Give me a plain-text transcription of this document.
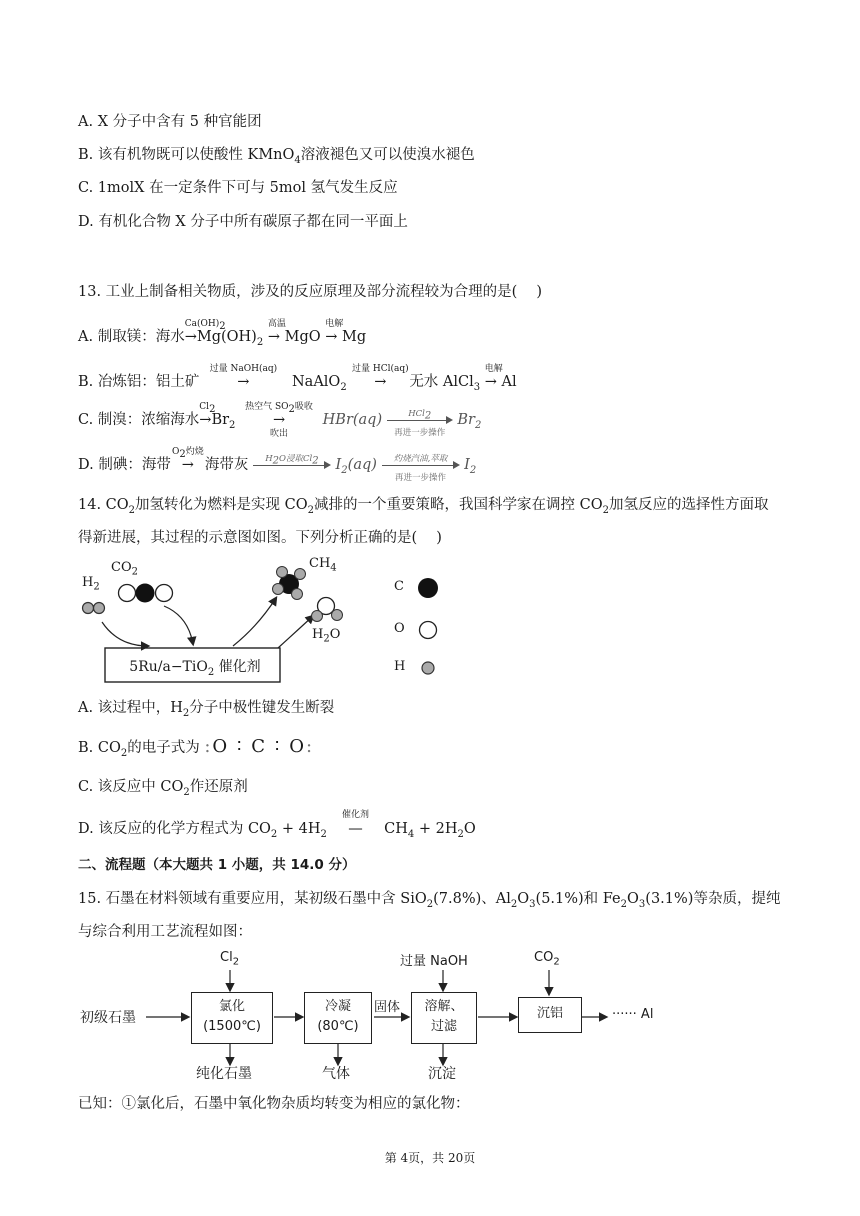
A. X 分子中含有 5 种官能团
B. 该有机物既可以使酸性 KMnO$_4$溶液褪色又可以使溴水褪色
C. 1molX 在一定条件下可与 5mol 氢气发生反应
D. 有机化合物 X 分子中所有碳原子都在同一平面上
13. 工业上制备相关物质，涉及的反应原理及部分流程较为合理的是(　 )
A. 制取镁：海水
$Ca(OH)_2$
$\to Mg(OH)_2$
高温
→ MgO
电解
→ Mg
B. 冶炼铝：铝土矿
过量 NaOH(aq)
→	NaAlO$_2$
过量 HCl(aq)
→ 无水 AlCl$_3$
电解
→ Al
C. 制溴：浓缩海水
$Cl_2$
$\to Br_2$
热空气 $SO_2$吸收
→
吹出
HBr(aq)	HCl$_2$
再进一步操作
$Br_2$
D. 制碘：海带
$O_2$灼烧
→ 海带灰	$H_2O$浸取$Cl_2$	$I_2(aq)$	灼烧汽油,萃取
再进一步操作
$I_2$
14. $CO_2$加氢转化为燃料是实现 $CO_2$减排的一个重要策略，我国科学家在调控 $CO_2$加氢反应的选择性方面取
得新进展，其过程的示意图如图。下列分析正确的是(　 )
$H_2$
$CO_2$
$CH_4$
$H_2O$
5Ru/a−TiO$_2$ 催化剂
C
O
H
A. 该过程中，$H_2$分子中极性键发生断裂
B. $CO_2$的电子式为 :O ∶ C ∶ O:
C. 该反应中 $CO_2$作还原剂
D. 该反应的化学方程式为 $CO_2 + 4H_2$
催化剂
— $CH_4 + 2H_2O$
二、流程题（本大题共 1 小题，共 14.0 分）
15. 石墨在材料领域有重要应用，某初级石墨中含 SiO$_2$(7.8%)、$Al_2O_3(5.1\%)$和 $Fe_2O_3(3.1\%)$等杂质，提纯
与综合利用工艺流程如图：
初级石墨
$Cl_2$
氯化
(1500℃)
纯化石墨
冷凝
(80℃)
气体
固体
过量 NaOH
溶解、
过滤
沉淀
$CO_2$
沉铝	······ Al
已知：①氯化后，石墨中氧化物杂质均转变为相应的氯化物：
第 4页，共 20页
